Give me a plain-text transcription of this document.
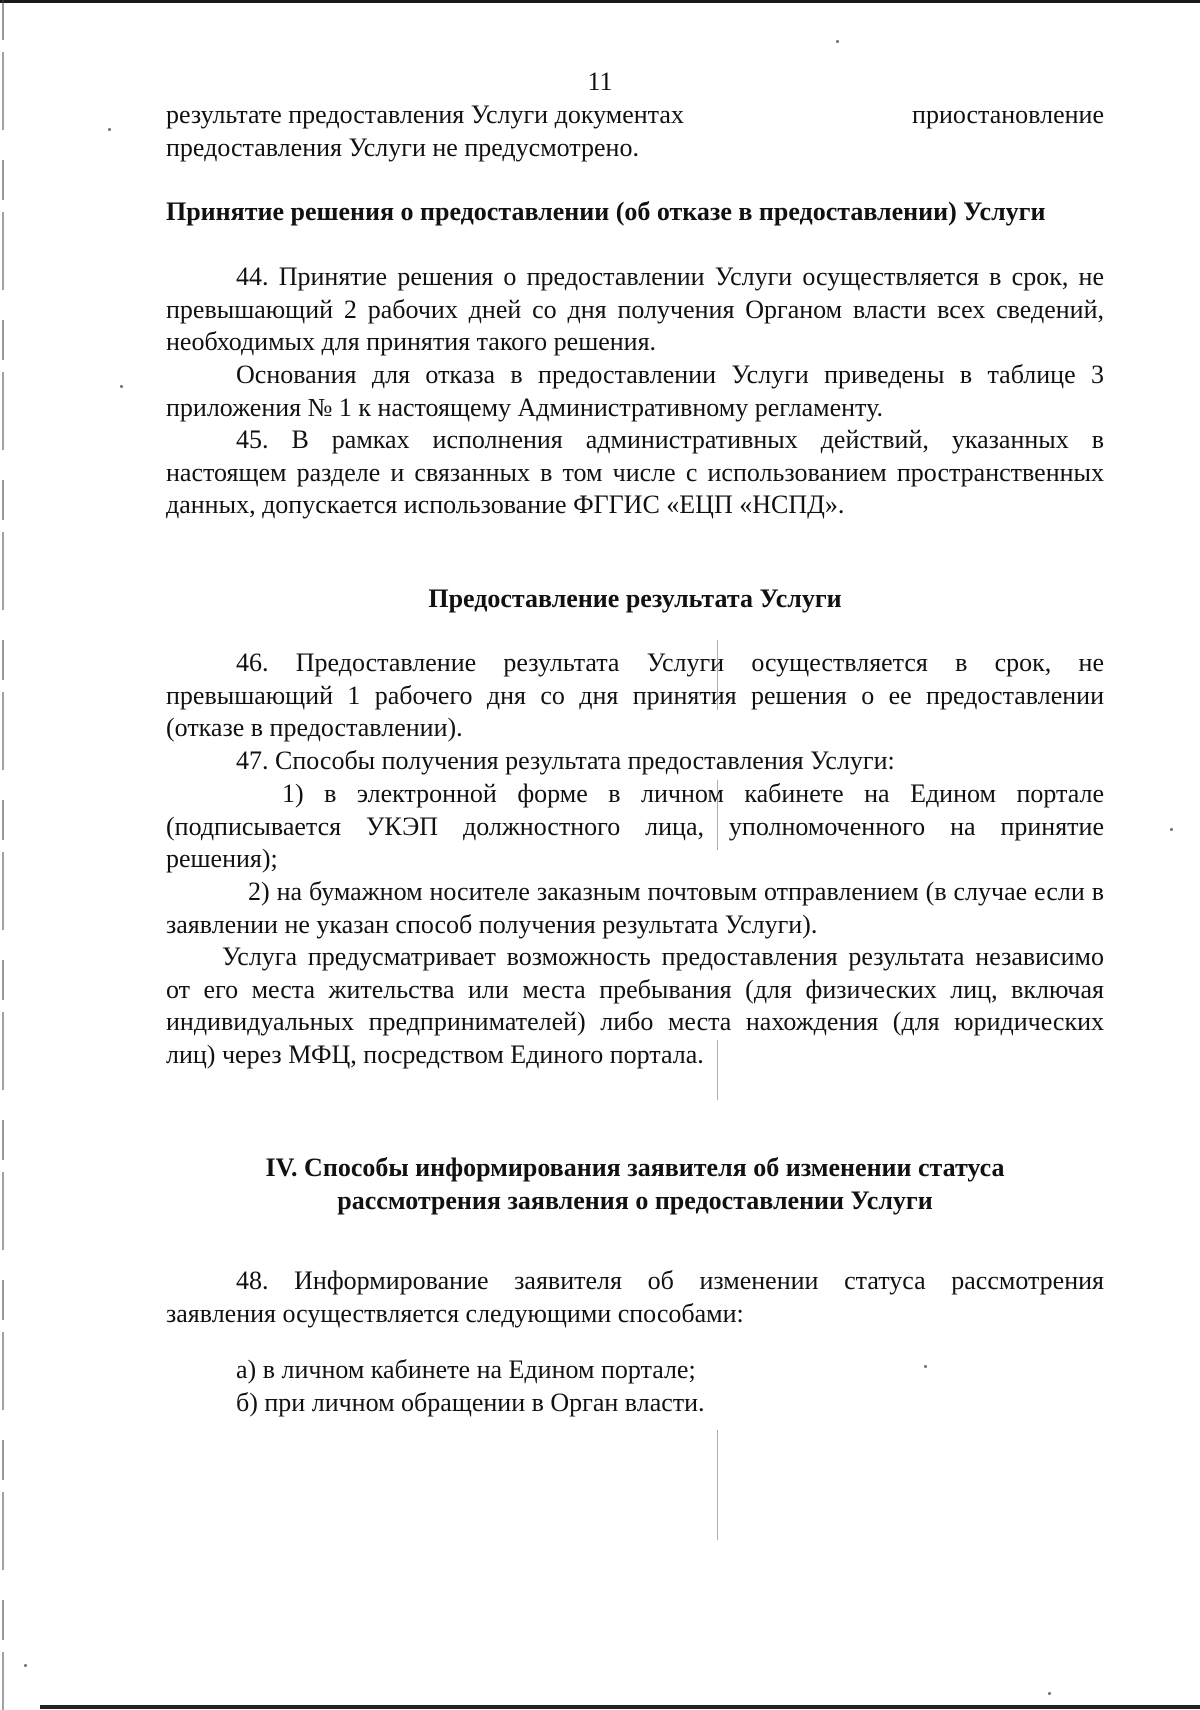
11
результате предоставления Услуги документах	приостановление

предоставления Услуги не предусмотрено.

Принятие решения о предоставлении (об отказе в предоставлении) Услуги

44. Принятие решения о предоставлении Услуги осуществляется в срок, не превышающий 2 рабочих дней со дня получения Органом власти всех сведений, необходимых для принятия такого решения.

Основания для отказа в предоставлении Услуги приведены в таблице 3 приложения № 1 к настоящему Административному регламенту.

45. В рамках исполнения административных действий, указанных в настоящем разделе и связанных в том числе с использованием пространственных данных, допускается использование ФГГИС «ЕЦП «НСПД».

Предоставление результата Услуги

46. Предоставление результата Услуги осуществляется в срок, не превышающий 1 рабочего дня со дня принятия решения о ее предоставлении (отказе в предоставлении).

47. Способы получения результата предоставления Услуги:

1) в электронной форме в личном кабинете на Едином портале (подписывается УКЭП должностного лица, уполномоченного на принятие решения);

2) на бумажном носителе заказным почтовым отправлением (в случае если в заявлении не указан способ получения результата Услуги).

Услуга предусматривает возможность предоставления результата независимо от его места жительства или места пребывания (для физических лиц, включая индивидуальных предпринимателей) либо места нахождения (для юридических лиц) через МФЦ, посредством Единого портала.

IV. Способы информирования заявителя об изменении статуса

рассмотрения заявления о предоставлении Услуги

48. Информирование заявителя об изменении статуса рассмотрения заявления осуществляется следующими способами:

а) в личном кабинете на Едином портале;

б) при личном обращении в Орган власти.
